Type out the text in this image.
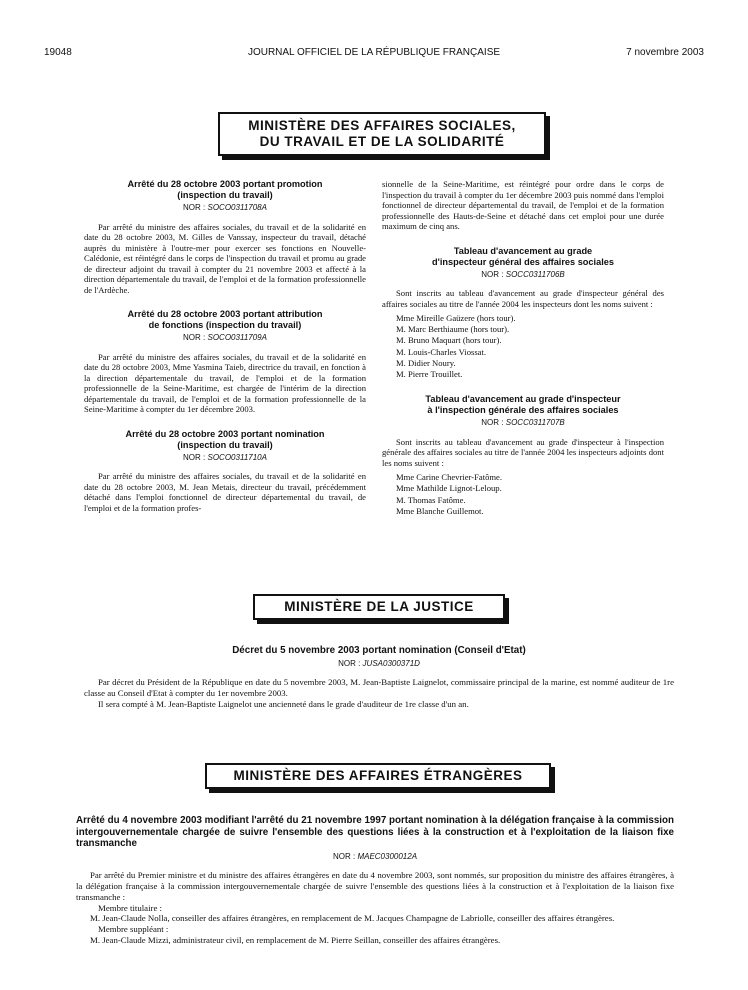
19048	JOURNAL OFFICIEL DE LA RÉPUBLIQUE FRANÇAISE	7 novembre 2003
MINISTÈRE DES AFFAIRES SOCIALES,
DU TRAVAIL ET DE LA SOLIDARITÉ
Arrêté du 28 octobre 2003 portant promotion
(inspection du travail)
NOR : SOCO0311708A

Par arrêté du ministre des affaires sociales, du travail et de la solidarité en date du 28 octobre 2003, M. Gilles de Vanssay, inspecteur du travail, détaché auprès du ministère à l'outre-mer pour exercer ses fonctions en Nouvelle-Calédonie, est réintégré dans le corps de l'inspection du travail et promu au grade de directeur adjoint du travail à compter du 21 novembre 2003 et affecté à la direction départementale du travail, de l'emploi et de la formation professionnelle de l'Ardèche.

Arrêté du 28 octobre 2003 portant attribution
de fonctions (inspection du travail)
NOR : SOCO0311709A

Par arrêté du ministre des affaires sociales, du travail et de la solidarité en date du 28 octobre 2003, Mme Yasmina Taieb, directrice du travail, en fonction à la direction départementale du travail, de l'emploi et de la formation professionnelle de la Seine-Maritime, est chargée de l'intérim de la direction départementale du travail, de l'emploi et de la formation professionnelle de la Seine-Maritime à compter du 1er décembre 2003.

Arrêté du 28 octobre 2003 portant nomination
(inspection du travail)
NOR : SOCO0311710A

Par arrêté du ministre des affaires sociales, du travail et de la solidarité en date du 28 octobre 2003, M. Jean Metais, directeur du travail, précédemment détaché dans l'emploi fonctionnel de directeur départemental du travail, de l'emploi et de la formation profes-

sionnelle de la Seine-Maritime, est réintégré pour ordre dans le corps de l'inspection du travail à compter du 1er décembre 2003 puis nommé dans l'emploi fonctionnel de directeur départemental du travail, de l'emploi et de la formation professionnelle des Hauts-de-Seine et détaché dans cet emploi pour une durée maximum de cinq ans.

Tableau d'avancement au grade
d'inspecteur général des affaires sociales
NOR : SOCC0311706B

Sont inscrits au tableau d'avancement au grade d'inspecteur général des affaires sociales au titre de l'année 2004 les inspecteurs dont les noms suivent :

Mme Mireille Gaüzere (hors tour).
M. Marc Berthiaume (hors tour).
M. Bruno Maquart (hors tour).
M. Louis-Charles Viossat.
M. Didier Noury.
M. Pierre Trouillet.
Tableau d'avancement au grade d'inspecteur
à l'inspection générale des affaires sociales
NOR : SOCC0311707B

Sont inscrits au tableau d'avancement au grade d'inspecteur à l'inspection générale des affaires sociales au titre de l'année 2004 les inspecteurs adjoints dont les noms suivent :

Mme Carine Chevrier-Fatôme.
Mme Mathilde Lignot-Leloup.
M. Thomas Fatôme.
Mme Blanche Guillemot.
MINISTÈRE DE LA JUSTICE
Décret du 5 novembre 2003 portant nomination (Conseil d'Etat)
NOR : JUSA0300371D

Par décret du Président de la République en date du 5 novembre 2003, M. Jean-Baptiste Laignelot, commissaire principal de la marine, est nommé auditeur de 1re classe au Conseil d'Etat à compter du 1er novembre 2003.

Il sera compté à M. Jean-Baptiste Laignelot une ancienneté dans le grade d'auditeur de 1re classe d'un an.

MINISTÈRE DES AFFAIRES ÉTRANGÈRES
Arrêté du 4 novembre 2003 modifiant l'arrêté du 21 novembre 1997 portant nomination à la délégation française à la commission intergouvernementale chargée de suivre l'ensemble des questions liées à la construction et à l'exploitation de la liaison fixe transmanche
NOR : MAEC0300012A

Par arrêté du Premier ministre et du ministre des affaires étrangères en date du 4 novembre 2003, sont nommés, sur proposition du ministre des affaires étrangères, à la délégation française à la commission intergouvernementale chargée de suivre l'ensemble des questions liées à la construction et à l'exploitation de la liaison fixe transmanche :

Membre titulaire :

M. Jean-Claude Nolla, conseiller des affaires étrangères, en remplacement de M. Jacques Champagne de Labriolle, conseiller des affaires étrangères.

Membre suppléant :

M. Jean-Claude Mizzi, administrateur civil, en remplacement de M. Pierre Seillan, conseiller des affaires étrangères.
